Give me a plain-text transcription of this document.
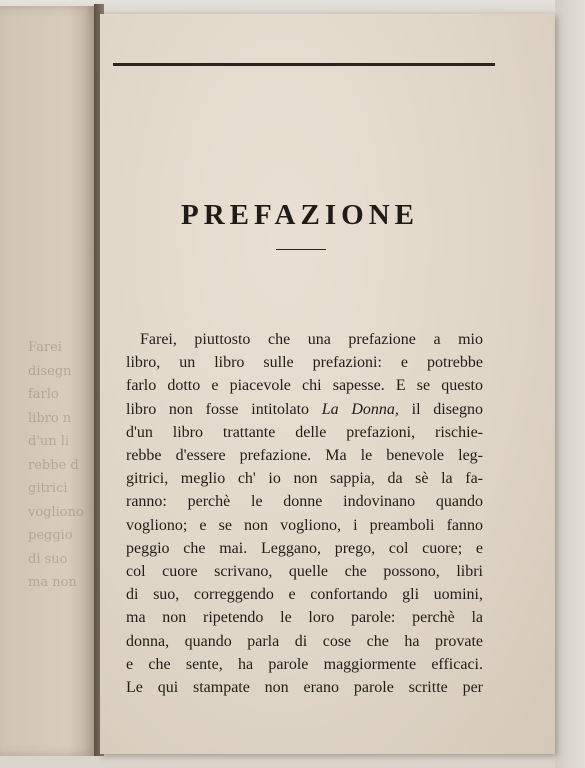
Farei
disegn
farlo
libro n
d'un li
rebbe d
gitrici
vogliono
peggio
di suo
ma non
PREFAZIONE
Farei, piuttosto che una prefazione a mio
libro, un libro sulle prefazioni: e potrebbe
farlo dotto e piacevole chi sapesse. E se questo
libro non fosse intitolato La Donna, il disegno
d'un libro trattante delle prefazioni, rischie-
rebbe d'essere prefazione. Ma le benevole leg-
gitrici, meglio ch' io non sappia, da sè la fa-
ranno: perchè le donne indovinano quando
vogliono; e se non vogliono, i preamboli fanno
peggio che mai. Leggano, prego, col cuore; e
col cuore scrivano, quelle che possono, libri
di suo, correggendo e confortando gli uomini,
ma non ripetendo le loro parole: perchè la
donna, quando parla di cose che ha provate
e che sente, ha parole maggiormente efficaci.
Le qui stampate non erano parole scritte per
